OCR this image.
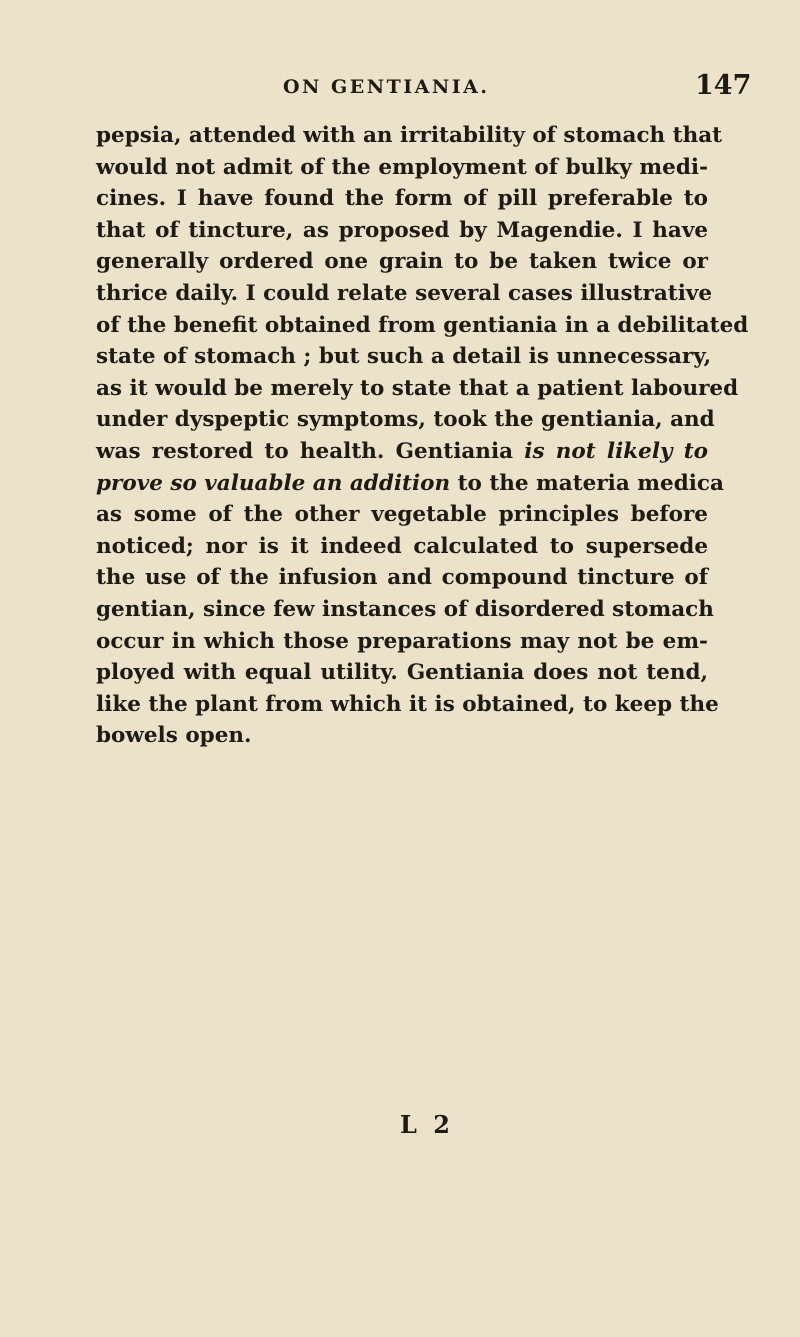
ON GENTIANIA.	147
pepsia, attended with an irritability of stomach that
would not admit of the employment of bulky medi-
cines. I have found the form of pill preferable to
that of tincture, as proposed by Magendie. I have
generally ordered one grain to be taken twice or
thrice daily. I could relate several cases illustrative
of the benefit obtained from gentiania in a debilitated
state of stomach ; but such a detail is unnecessary,
as it would be merely to state that a patient laboured
under dyspeptic symptoms, took the gentiania, and
was restored to health. Gentiania is not likely to
prove so valuable an addition to the materia medica
as some of the other vegetable principles before
noticed; nor is it indeed calculated to supersede
the use of the infusion and compound tincture of
gentian, since few instances of disordered stomach
occur in which those preparations may not be em-
ployed with equal utility. Gentiania does not tend,
like the plant from which it is obtained, to keep the
bowels open.
L 2
